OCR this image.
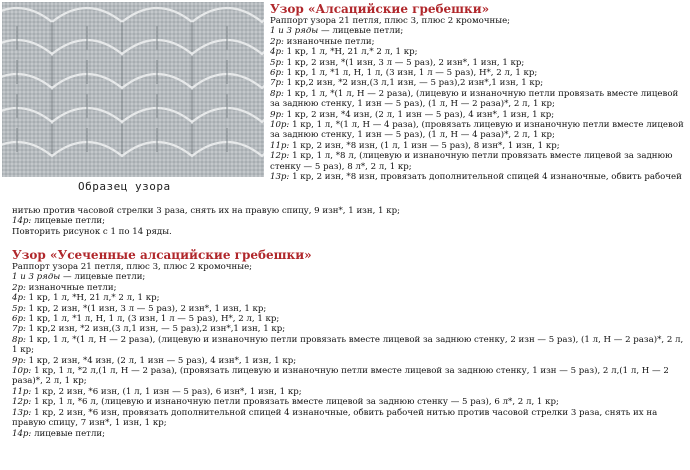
Образец узора
Узор «Алсацийские гребешки»
Раппорт узора 21 петля, плюс 3, плюс 2 кромочные;
1 и 3 ряды — лицевые петли;
2р: изнаночные петли;
4р: 1 кр, 1 л, *Н, 21 л,* 2 л, 1 кр;
5р: 1 кр, 2 изн, *(1 изн, 3 л — 5 раз), 2 изн*, 1 изн, 1 кр;
6р: 1 кр, 1 л, *1 л, Н, 1 л, (3 изн, 1 л — 5 раз), Н*, 2 л, 1 кр;
7р: 1 кр,2 изн, *2 изн,(3 л,1 изн, — 5 раз),2 изн*,1 изн, 1 кр;
8р: 1 кр, 1 л, *(1 л, Н — 2 раза), (лицевую и изнаночную петли провязать вместе лицевой за заднюю стенку, 1 изн — 5 раз), (1 л, Н — 2 раза)*, 2 л, 1 кр;
9р: 1 кр, 2 изн, *4 изн, (2 л, 1 изн — 5 раз), 4 изн*, 1 изн, 1 кр;
10р: 1 кр, 1 л, *(1 л, Н — 4 раза), (провязать лицевую и изнаночную петли вместе лицевой за заднюю стенку, 1 изн — 5 раз), (1 л, Н — 4 раза)*, 2 л, 1 кр;
11р: 1 кр, 2 изн, *8 изн, (1 л, 1 изн — 5 раз), 8 изн*, 1 изн, 1 кр;
12р: 1 кр, 1 л, *8 л, (лицевую и изнаночную петли провязать вместе лицевой за заднюю стенку — 5 раз), 8 л*, 2 л, 1 кр;
13р: 1 кр, 2 изн, *8 изн, провязать дополнительной спицей 4 изнаночные, обвить рабочей
нитью против часовой стрелки 3 раза, снять их на правую спицу, 9 изн*, 1 изн, 1 кр;
14р: лицевые петли;
Повторить рисунок с 1 по 14 ряды.
Узор «Усеченные алсацийские гребешки»
Раппорт узора 21 петля, плюс 3, плюс 2 кромочные;
1 и 3 ряды — лицевые петли;
2р: изнаночные петли;
4р: 1 кр, 1 л, *Н, 21 л,* 2 л, 1 кр;
5р: 1 кр, 2 изн, *(1 изн, 3 л — 5 раз), 2 изн*, 1 изн, 1 кр;
6р: 1 кр, 1 л, *1 л, Н, 1 л, (3 изн, 1 л — 5 раз), Н*, 2 л, 1 кр;
7р: 1 кр,2 изн, *2 изн,(3 л,1 изн, — 5 раз),2 изн*,1 изн, 1 кр;
8р: 1 кр, 1 л, *(1 л, Н — 2 раза), (лицевую и изнаночную петли провязать вместе лицевой за заднюю стенку, 2 изн — 5 раз), (1 л, Н — 2 раза)*, 2 л, 1 кр;
9р: 1 кр, 2 изн, *4 изн, (2 л, 1 изн — 5 раз), 4 изн*, 1 изн, 1 кр;
10р: 1 кр, 1 л, *2 л,(1 л, Н — 2 раза), (провязать лицевую и изнаночную петли вместе лицевой за заднюю стенку, 1 изн — 5 раз), 2 л,(1 л, Н — 2 раза)*, 2 л, 1 кр;
11р: 1 кр, 2 изн, *6 изн, (1 л, 1 изн — 5 раз), 6 изн*, 1 изн, 1 кр;
12р: 1 кр, 1 л, *6 л, (лицевую и изнаночную петли провязать вместе лицевой за заднюю стенку — 5 раз), 6 л*, 2 л, 1 кр;
13р: 1 кр, 2 изн, *6 изн, провязать дополнительной спицей 4 изнаночные, обвить рабочей нитью против часовой стрелки 3 раза, снять их на правую спицу, 7 изн*, 1 изн, 1 кр;
14р: лицевые петли;
